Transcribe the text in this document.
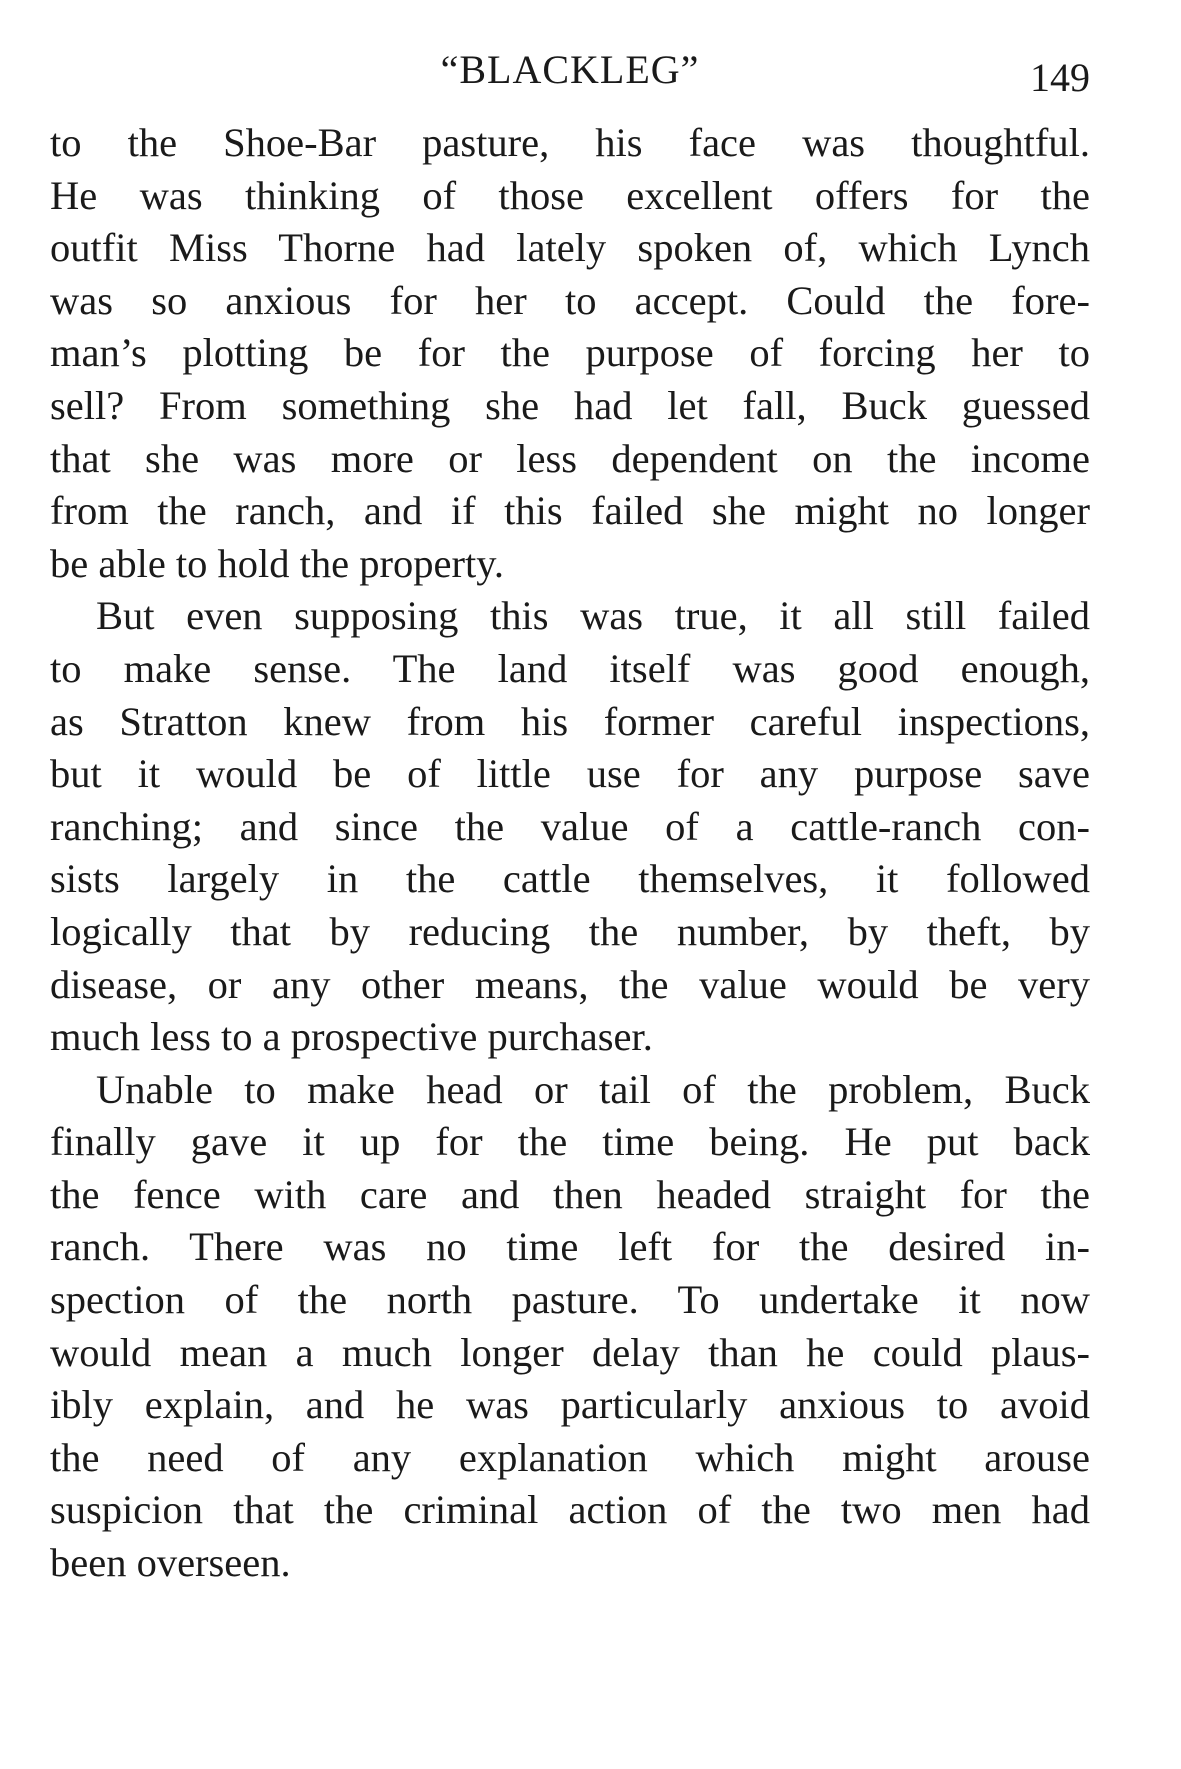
“BLACKLEG”	149
to the Shoe-Bar pasture, his face was thoughtful.
He was thinking of those excellent offers for the
outfit Miss Thorne had lately spoken of, which Lynch
was so anxious for her to accept. Could the fore-
man’s plotting be for the purpose of forcing her to
sell? From something she had let fall, Buck guessed
that she was more or less dependent on the income
from the ranch, and if this failed she might no longer
be able to hold the property.
But even supposing this was true, it all still failed
to make sense. The land itself was good enough,
as Stratton knew from his former careful inspections,
but it would be of little use for any purpose save
ranching; and since the value of a cattle-ranch con-
sists largely in the cattle themselves, it followed
logically that by reducing the number, by theft, by
disease, or any other means, the value would be very
much less to a prospective purchaser.
Unable to make head or tail of the problem, Buck
finally gave it up for the time being. He put back
the fence with care and then headed straight for the
ranch. There was no time left for the desired in-
spection of the north pasture. To undertake it now
would mean a much longer delay than he could plaus-
ibly explain, and he was particularly anxious to avoid
the need of any explanation which might arouse
suspicion that the criminal action of the two men had
been overseen.
